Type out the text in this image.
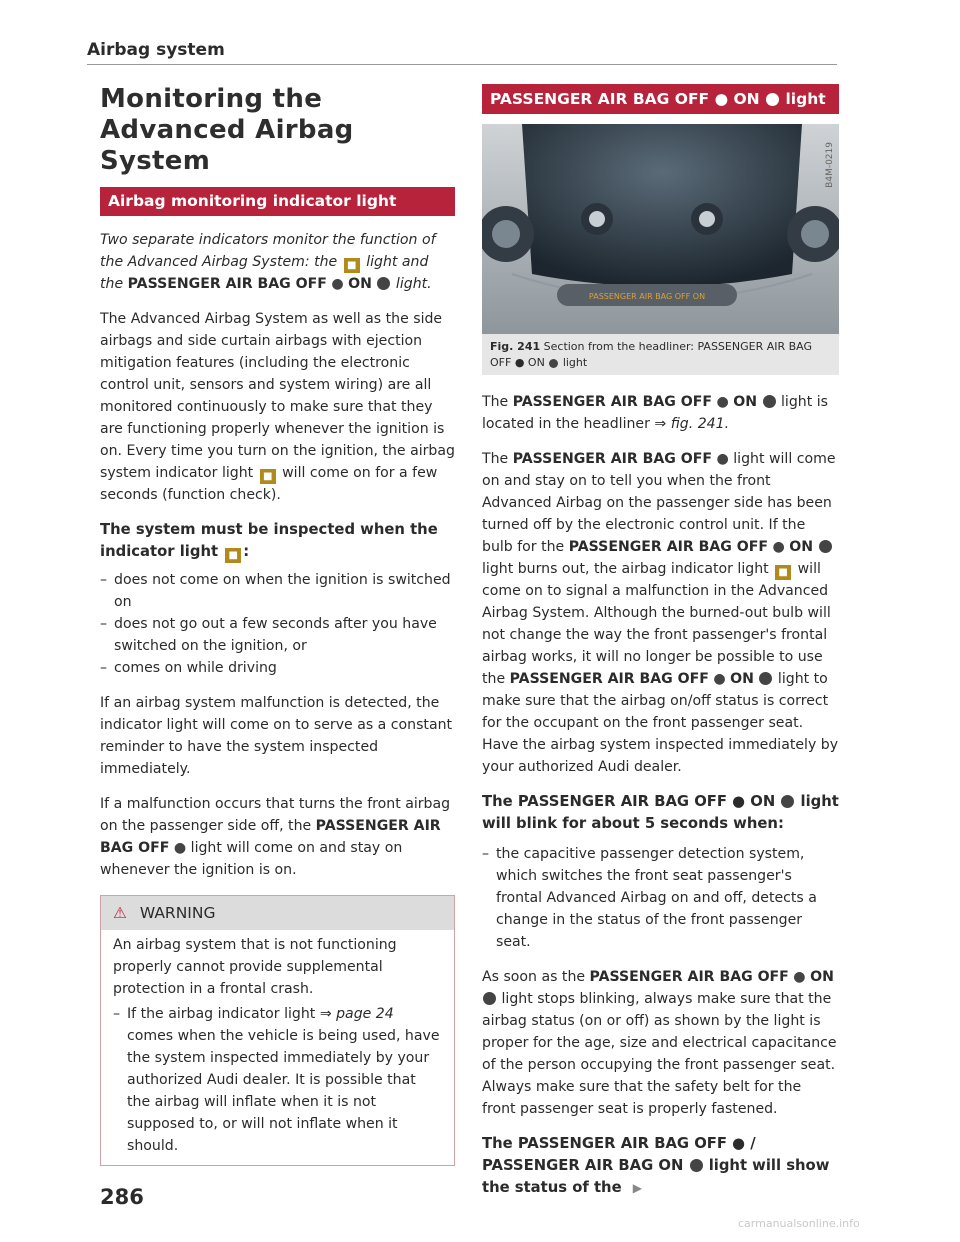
Airbag system
Monitoring the Advanced Airbag System
Airbag monitoring indicator light

Two separate indicators monitor the function of the Advanced Airbag System: the ■ light and the PASSENGER AIR BAG OFF ● ON light.

The Advanced Airbag System as well as the side airbags and side curtain airbags with ejection mitigation features (including the electronic control unit, sensors and system wiring) are all monitored continuously to make sure that they are functioning properly whenever the ignition is on. Every time you turn on the ignition, the airbag system indicator light ■ will come on for a few seconds (function check).

The system must be inspected when the indicator light ■ :

– does not come on when the ignition is switched on

– does not go out a few seconds after you have switched on the ignition, or

– comes on while driving

If an airbag system malfunction is detected, the indicator light will come on to serve as a constant reminder to have the system inspected immediately.

If a malfunction occurs that turns the front airbag on the passenger side off, the PASSENGER AIR BAG OFF ● light will come on and stay on whenever the ignition is on.

⚠ WARNING

An airbag system that is not functioning properly cannot provide supplemental protection in a frontal crash.

– If the airbag indicator light ⇒ page 24 comes when the vehicle is being used, have the system inspected immediately by your authorized Audi dealer. It is possible that the airbag will inflate when it is not supposed to, or will not inflate when it should.

PASSENGER AIR BAG OFF ● ON light
PASSENGER AIR BAG OFF ON
B4M-0219
Fig. 241 Section from the headliner: PASSENGER AIR BAG OFF ● ON light

The PASSENGER AIR BAG OFF ● ON light is located in the headliner ⇒ fig. 241.

The PASSENGER AIR BAG OFF ● light will come on and stay on to tell you when the front Advanced Airbag on the passenger side has been turned off by the electronic control unit. If the bulb for the PASSENGER AIR BAG OFF ● ON  light burns out, the airbag indicator light ■ will come on to signal a malfunction in the Advanced Airbag System. Although the burned-out bulb will not change the way the front passenger's frontal airbag works, it will no longer be possible to use the PASSENGER AIR BAG OFF ● ON light to make sure that the airbag on/off status is correct for the occupant on the front passenger seat. Have the airbag system inspected immediately by your authorized Audi dealer.

The PASSENGER AIR BAG OFF ● ON light will blink for about 5 seconds when:

– the capacitive passenger detection system, which switches the front seat passenger's frontal Advanced Airbag on and off, detects a change in the status of the front passenger seat.

As soon as the PASSENGER AIR BAG OFF ● ON  light stops blinking, always make sure that the airbag status (on or off) as shown by the light is proper for the age, size and electrical capacitance of the person occupying the front passenger seat. Always make sure that the safety belt for the front passenger seat is properly fastened.

The PASSENGER AIR BAG OFF ● / PASSENGER AIR BAG ON light will show the status of the ▶
286
carmanualsonline.info
